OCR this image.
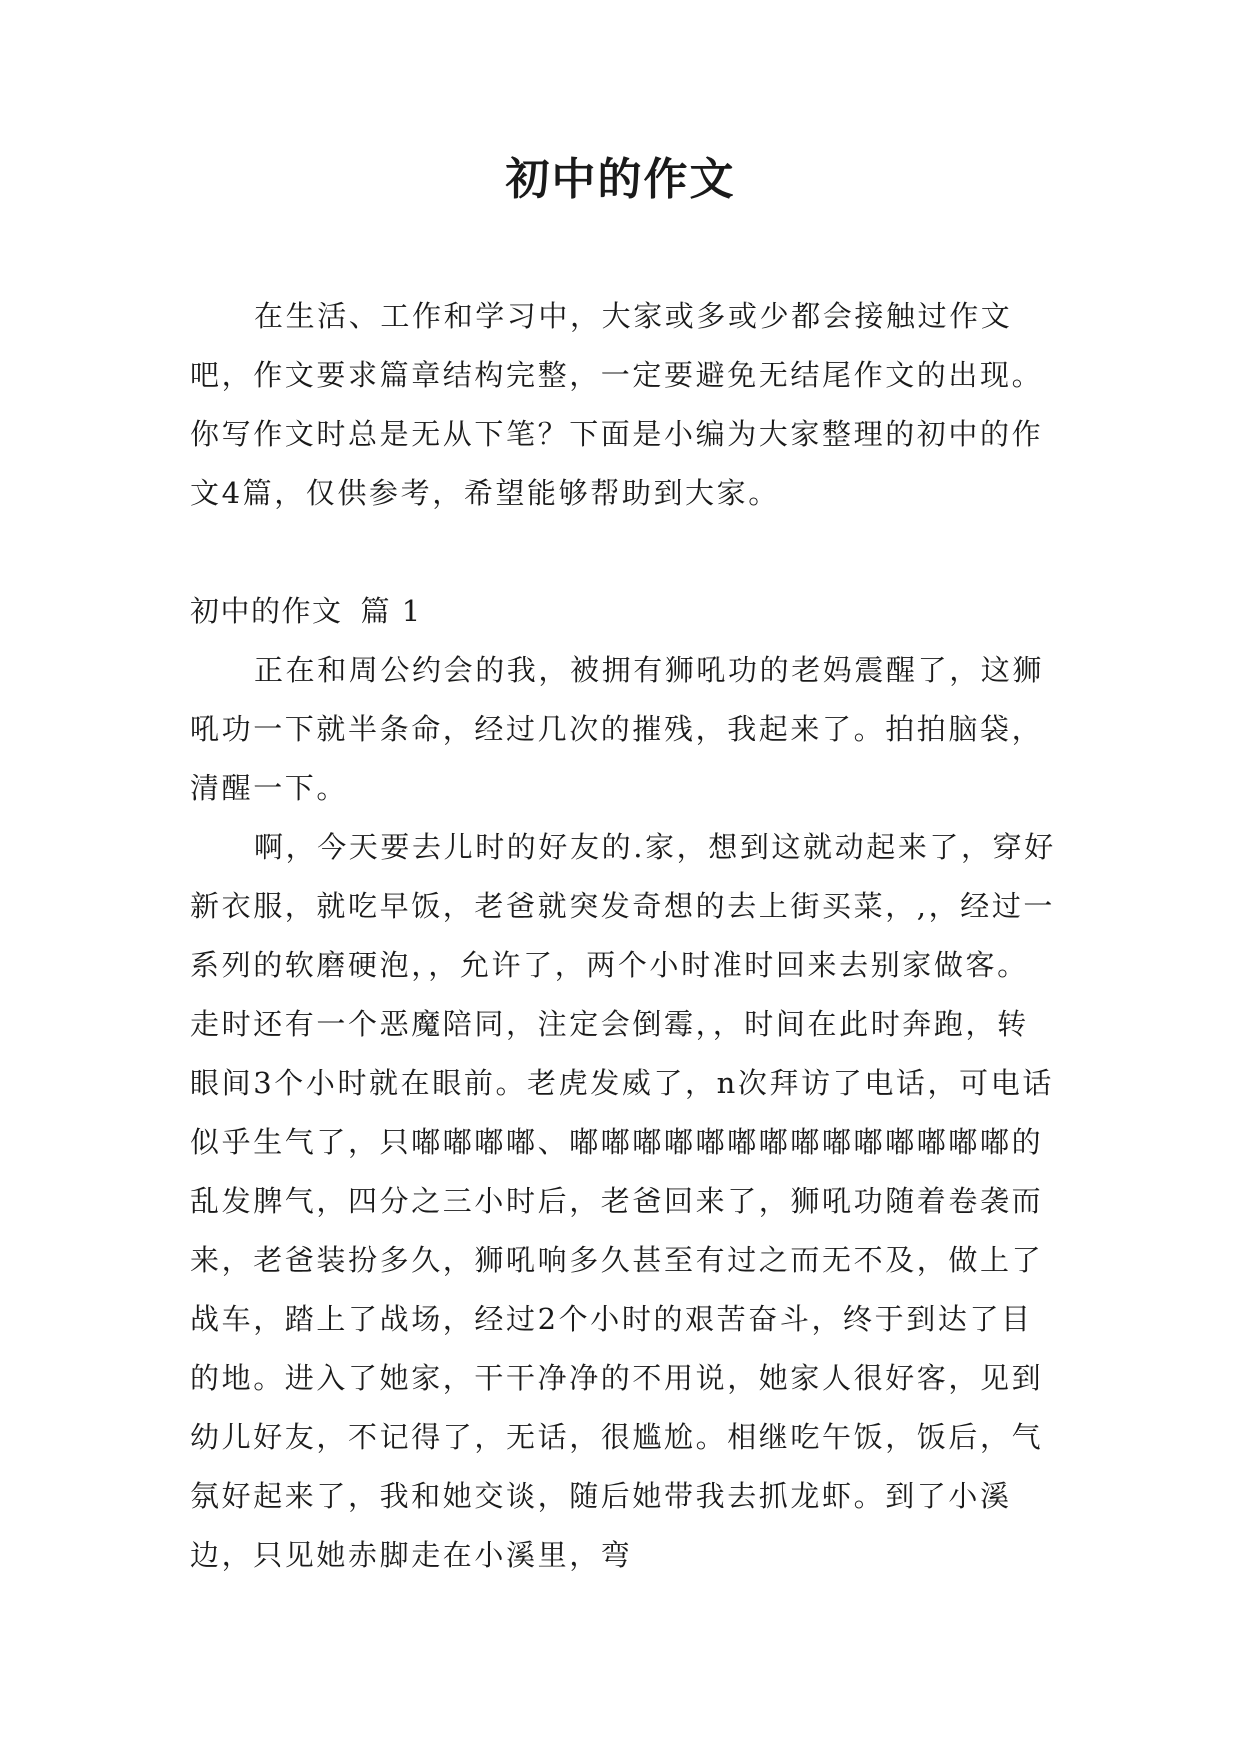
初中的作文

在生活、工作和学习中，大家或多或少都会接触过作文吧，作文要求篇章结构完整，一定要避免无结尾作文的出现。你写作文时总是无从下笔？下面是小编为大家整理的初中的作文4篇，仅供参考，希望能够帮助到大家。

初中的作文 篇 1

正在和周公约会的我，被拥有狮吼功的老妈震醒了，这狮吼功一下就半条命，经过几次的摧残，我起来了。拍拍脑袋，清醒一下。

啊，今天要去儿时的好友的.家，想到这就动起来了，穿好新衣服，就吃早饭，老爸就突发奇想的去上街买菜，,，经过一系列的软磨硬泡，，允许了，两个小时准时回来去别家做客。走时还有一个恶魔陪同，注定会倒霉，，时间在此时奔跑，转眼间3个小时就在眼前。老虎发威了，n次拜访了电话，可电话似乎生气了，只嘟嘟嘟嘟、嘟嘟嘟嘟嘟嘟嘟嘟嘟嘟嘟嘟嘟嘟的乱发脾气，四分之三小时后，老爸回来了，狮吼功随着卷袭而来，老爸装扮多久，狮吼响多久甚至有过之而无不及，做上了战车，踏上了战场，经过2个小时的艰苦奋斗，终于到达了目的地。进入了她家，干干净净的不用说，她家人很好客，见到幼儿好友，不记得了，无话，很尴尬。相继吃午饭，饭后，气氛好起来了，我和她交谈，随后她带我去抓龙虾。到了小溪边，只见她赤脚走在小溪里，弯
